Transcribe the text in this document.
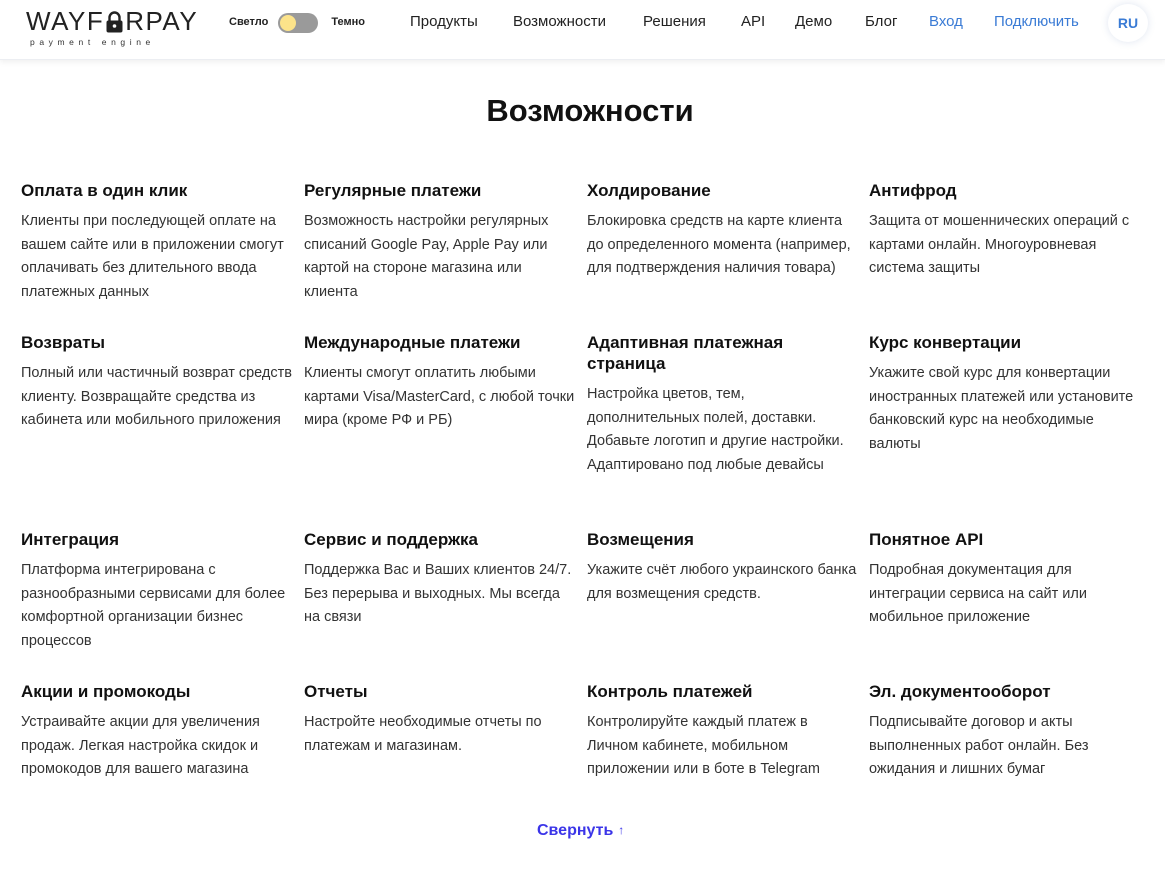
WAYF RPAY
payment engine
Светло	Темно	Продукты Возможности Решения API Демо Блог Вход Подключить	RU
Возможности
Оплата в один клик
Клиенты при последующей оплате на вашем сайте или в приложении смогут оплачивать без длительного ввода платежных данных
Регулярные платежи
Возможность настройки регулярных списаний Google Pay, Apple Pay или картой на стороне магазина или клиента
Холдирование
Блокировка средств на карте клиента до определенного момента (например, для подтверждения наличия товара)
Антифрод
Защита от мошеннических операций с картами онлайн. Многоуровневая система защиты
Возвраты
Полный или частичный возврат средств клиенту. Возвращайте средства из кабинета или мобильного приложения
Международные платежи
Клиенты смогут оплатить любыми картами Visa/MasterCard, с любой точки мира (кроме РФ и РБ)
Адаптивная платежная страница
Настройка цветов, тем, дополнительных полей, доставки. Добавьте логотип и другие настройки. Адаптировано под любые девайсы
Курс конвертации
Укажите свой курс для конвертации иностранных платежей или установите банковский курс на необходимые валюты
Интеграция
Платформа интегрирована с разнообразными сервисами для более комфортной организации бизнес процессов
Сервис и поддержка
Поддержка Вас и Ваших клиентов 24/7. Без перерыва и выходных. Мы всегда на связи
Возмещения
Укажите счёт любого украинского банка для возмещения средств.
Понятное API
Подробная документация для интеграции сервиса на сайт или мобильное приложение
Акции и промокоды
Устраивайте акции для увеличения продаж. Легкая настройка скидок и промокодов для вашего магазина
Отчеты
Настройте необходимые отчеты по платежам и магазинам.
Контроль платежей
Контролируйте каждый платеж в Личном кабинете, мобильном приложении или в боте в Telegram
Эл. документооборот
Подписывайте договор и акты выполненных работ онлайн. Без ожидания и лишних бумаг
Свернуть ↑
